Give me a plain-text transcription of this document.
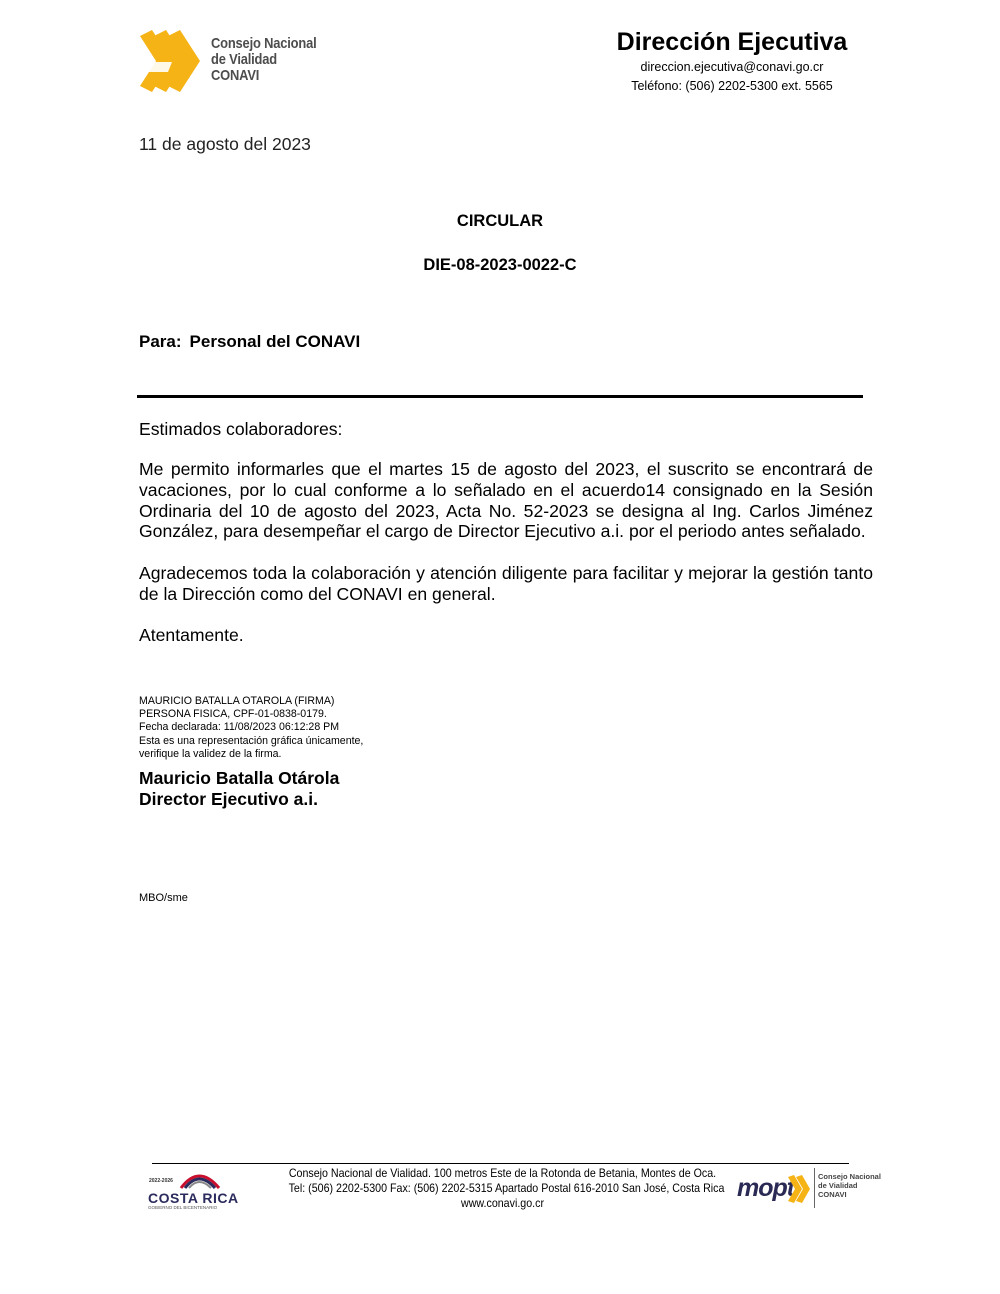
Consejo Nacional
de Vialidad
CONAVI
Dirección Ejecutiva
direccion.ejecutiva@conavi.go.cr
Teléfono: (506) 2202-5300 ext. 5565
11 de agosto del 2023
CIRCULAR
DIE-08-2023-0022-C
Para: Personal del CONAVI
Estimados colaboradores:
Me permito informarles que el martes 15 de agosto del 2023, el suscrito se encontrará de vacaciones, por lo cual conforme a lo señalado en el acuerdo14 consignado en la Sesión Ordinaria del 10 de agosto del 2023, Acta No. 52-2023 se designa al Ing. Carlos Jiménez González, para desempeñar el cargo de Director Ejecutivo a.i. por el periodo antes señalado.
Agradecemos toda la colaboración y atención diligente para facilitar y mejorar la gestión tanto de la Dirección como del CONAVI en general.
Atentamente.
MAURICIO BATALLA OTAROLA (FIRMA)
PERSONA FISICA, CPF-01-0838-0179.
Fecha declarada: 11/08/2023 06:12:28 PM
Esta es una representación gráfica únicamente,
verifique la validez de la firma.
Mauricio Batalla Otárola
Director Ejecutivo a.i.
MBO/sme
2022-2026
COSTA RICA
GOBIERNO DEL BICENTENARIO
Consejo Nacional de Vialidad. 100 metros Este de la Rotonda de Betania, Montes de Oca.
Tel: (506) 2202-5300 Fax: (506) 2202-5315 Apartado Postal 616-2010 San José, Costa Rica
www.conavi.go.cr
mopt	Consejo Nacional
de Vialidad
CONAVI
